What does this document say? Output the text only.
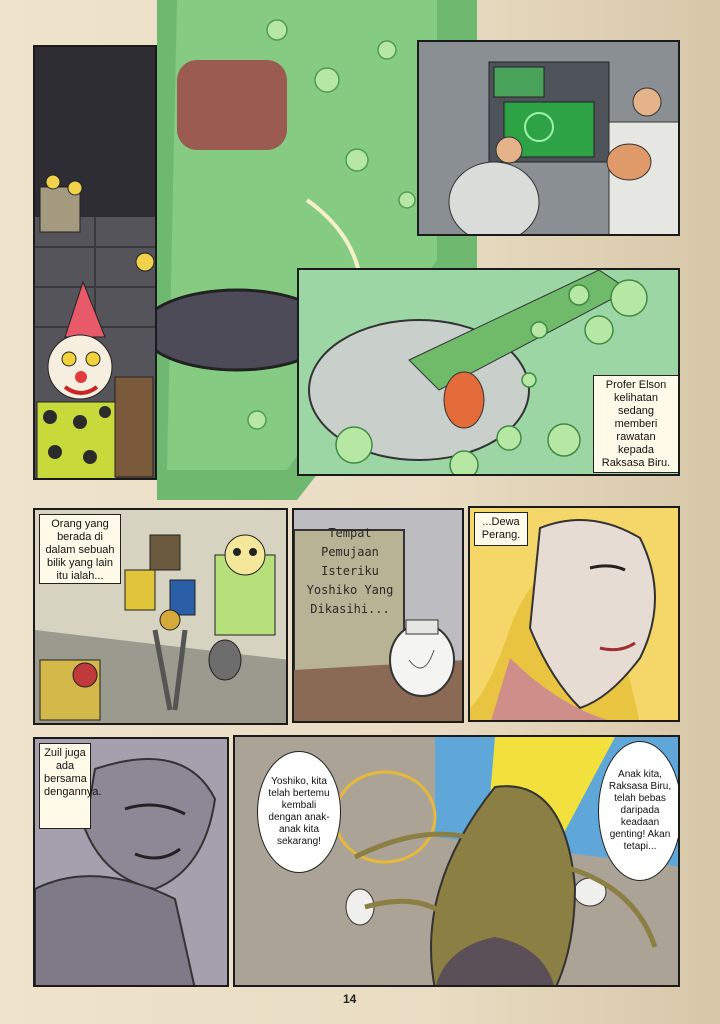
Profer Elson kelihatan sedang memberi rawatan kepada Raksasa Biru.
Orang yang berada di dalam sebuah bilik yang lain itu ialah...
Tempat Pemujaan Isteriku Yoshiko Yang Dikasihi...
...Dewa Perang.
Zuil juga ada bersama dengannya.
Yoshiko, kita telah bertemu kembali dengan anak-anak kita sekarang!
Anak kita, Raksasa Biru, telah bebas daripada keadaan genting! Akan tetapi...
14
